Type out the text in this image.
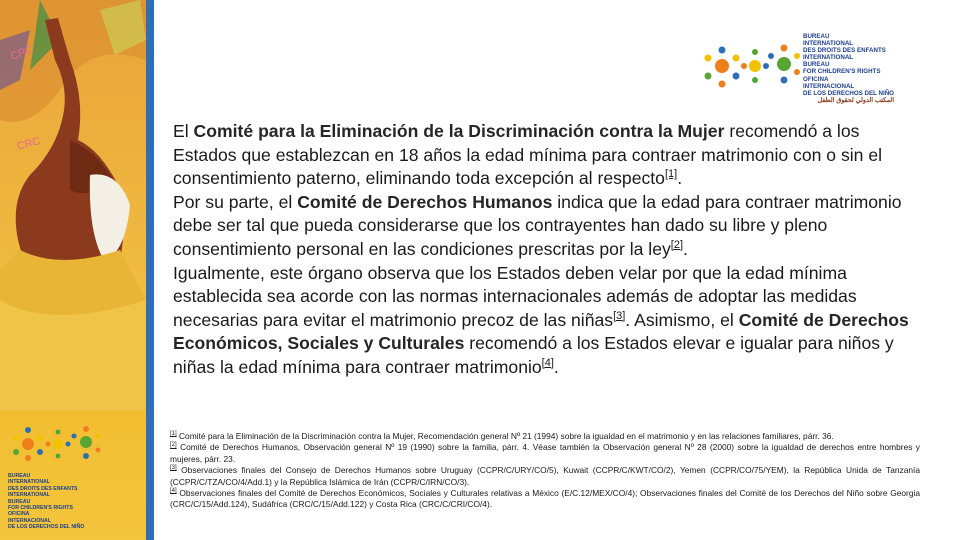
CRC
CRC
BUREAU
INTERNATIONAL
DES DROITS DES ENFANTS
INTERNATIONAL
BUREAU
FOR CHILDREN'S RIGHTS
OFICINA
INTERNACIONAL
DE LOS DERECHOS DEL NIÑO
BUREAU
INTERNATIONAL
DES DROITS DES ENFANTS
INTERNATIONAL
BUREAU
FOR CHILDREN'S RIGHTS
OFICINA
INTERNACIONAL
DE LOS DERECHOS DEL NIÑO
المكتب الدولي لحقوق الطفل
El Comité para la Eliminación de la Discriminación contra la Mujer recomendó a los Estados que establezcan en 18 años la edad mínima para contraer matrimonio con o sin el consentimiento paterno, eliminando toda excepción al respecto[1].
Por su parte, el Comité de Derechos Humanos indica que la edad para contraer matrimonio debe ser tal que pueda considerarse que los contrayentes han dado su libre y pleno consentimiento personal en las condiciones prescritas por la ley[2].
Igualmente, este órgano observa que los Estados deben velar por que la edad mínima establecida sea acorde con las normas internacionales además de adoptar las medidas necesarias para evitar el matrimonio precoz de las niñas[3]. Asimismo, el Comité de Derechos Económicos, Sociales y Culturales recomendó a los Estados elevar e igualar para niños y niñas la edad mínima para contraer matrimonio[4].

[1] Comité para la Eliminación de la Discriminación contra la Mujer, Recomendación general Nº 21 (1994) sobre la igualdad en el matrimonio y en las relaciones familiares, párr. 36.

[2] Comité de Derechos Humanos, Observación general Nº 19 (1990) sobre la familia, párr. 4. Véase también la Observación general Nº 28 (2000) sobre la igualdad de derechos entre hombres y mujeres, párr. 23.

[3] Observaciones finales del Consejo de Derechos Humanos sobre Uruguay (CCPR/C/URY/CO/5), Kuwait (CCPR/C/KWT/CO/2), Yemen (CCPR/CO/75/YEM), la República Unida de Tanzanía (CCPR/C/TZA/CO/4/Add.1) y la República Islámica de Irán (CCPR/C/IRN/CO/3).

[4] Observaciones finales del Comité de Derechos Económicos, Sociales y Culturales relativas a México (E/C.12/MEX/CO/4); Observaciones finales del Comité de los Derechos del Niño sobre Georgia (CRC/C/15/Add.124), Sudáfrica (CRC/C/15/Add.122) y Costa Rica (CRC/C/CRI/CO/4).
